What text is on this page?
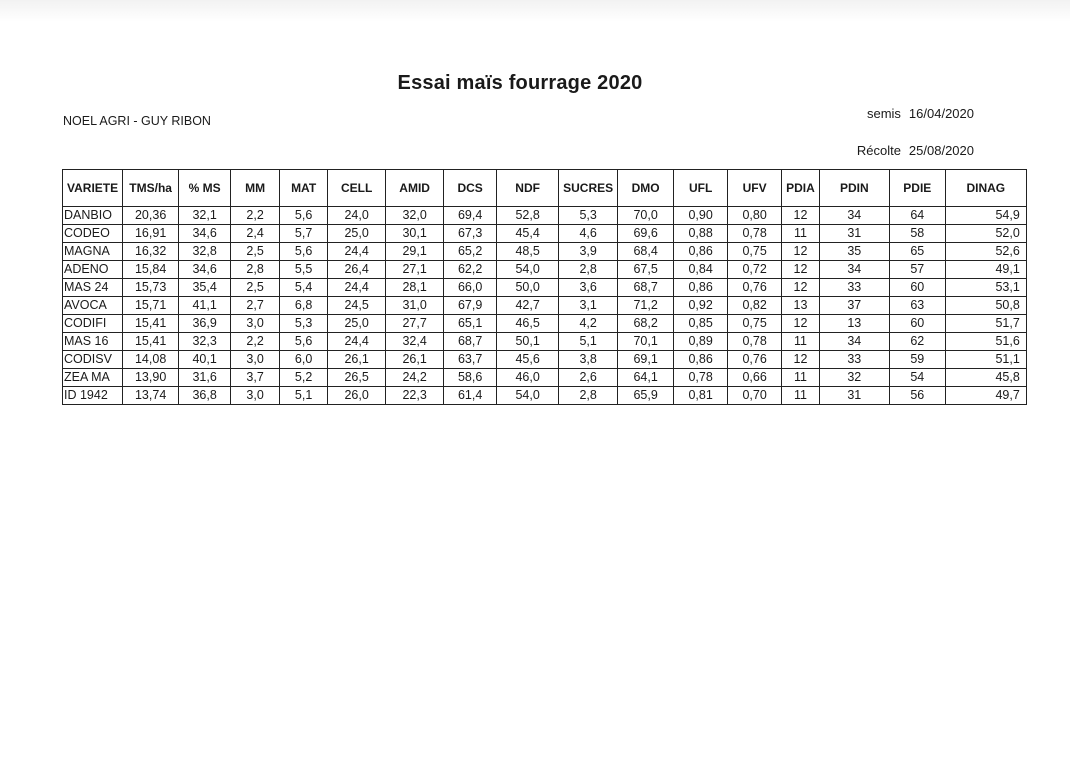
Essai maïs fourrage 2020
NOEL AGRI - GUY RIBON	semis 16/04/2020
Récolte 25/08/2020
VARIETE	TMS/ha	% MS	MM	MAT	CELL	AMID	DCS	NDF	SUCRES	DMO	UFL	UFV	PDIA	PDIN	PDIE	DINAG
DANBIO	20,36	32,1	2,2	5,6	24,0	32,0	69,4	52,8	5,3	70,0	0,90	0,80	12	34	64	54,9
CODEO	16,91	34,6	2,4	5,7	25,0	30,1	67,3	45,4	4,6	69,6	0,88	0,78	11	31	58	52,0
MAGNA	16,32	32,8	2,5	5,6	24,4	29,1	65,2	48,5	3,9	68,4	0,86	0,75	12	35	65	52,6
ADENO	15,84	34,6	2,8	5,5	26,4	27,1	62,2	54,0	2,8	67,5	0,84	0,72	12	34	57	49,1
MAS 24	15,73	35,4	2,5	5,4	24,4	28,1	66,0	50,0	3,6	68,7	0,86	0,76	12	33	60	53,1
AVOCA	15,71	41,1	2,7	6,8	24,5	31,0	67,9	42,7	3,1	71,2	0,92	0,82	13	37	63	50,8
CODIFI	15,41	36,9	3,0	5,3	25,0	27,7	65,1	46,5	4,2	68,2	0,85	0,75	12	13	60	51,7
MAS 16	15,41	32,3	2,2	5,6	24,4	32,4	68,7	50,1	5,1	70,1	0,89	0,78	11	34	62	51,6
CODISV	14,08	40,1	3,0	6,0	26,1	26,1	63,7	45,6	3,8	69,1	0,86	0,76	12	33	59	51,1
ZEA MA	13,90	31,6	3,7	5,2	26,5	24,2	58,6	46,0	2,6	64,1	0,78	0,66	11	32	54	45,8
ID 1942	13,74	36,8	3,0	5,1	26,0	22,3	61,4	54,0	2,8	65,9	0,81	0,70	11	31	56	49,7
